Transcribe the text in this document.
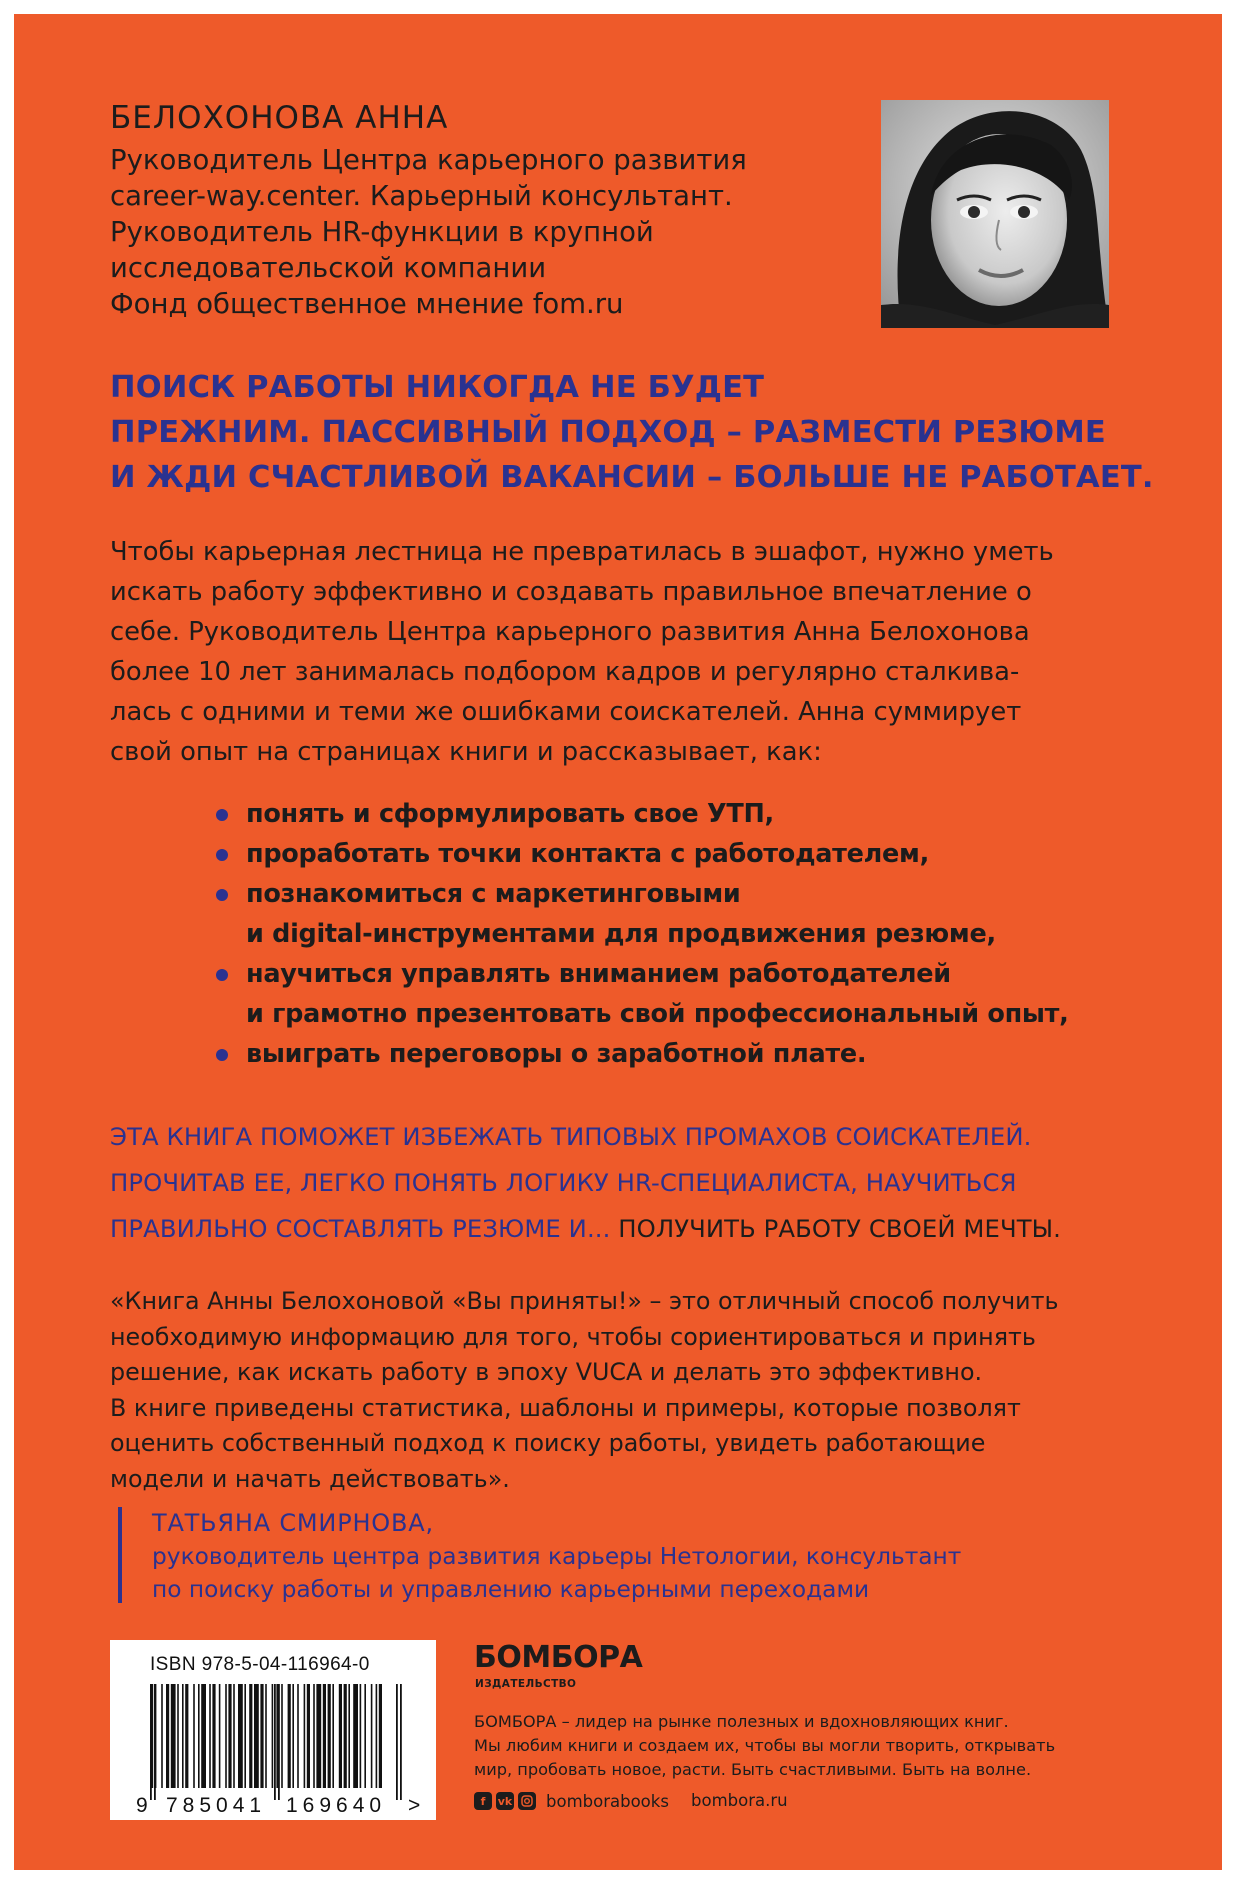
БЕЛОХОНОВА АННА
Руководитель Центра карьерного развития
career-way.center. Карьерный консультант.
Руководитель HR-функции в крупной
исследовательской компании
Фонд общественное мнение fom.ru
ПОИСК РАБОТЫ НИКОГДА НЕ БУДЕТ
ПРЕЖНИМ. ПАССИВНЫЙ ПОДХОД – РАЗМЕСТИ РЕЗЮМЕ
И ЖДИ СЧАСТЛИВОЙ ВАКАНСИИ – БОЛЬШЕ НЕ РАБОТАЕТ.
Чтобы карьерная лестница не превратилась в эшафот, нужно уметь
искать работу эффективно и создавать правильное впечатление о
себе. Руководитель Центра карьерного развития Анна Белохонова
более 10 лет занималась подбором кадров и регулярно сталкива-
лась с одними и теми же ошибками соискателей. Анна суммирует
свой опыт на страницах книги и рассказывает, как:
понять и сформулировать свое УТП,
проработать точки контакта с работодателем,
познакомиться с маркетинговыми
и digital-инструментами для продвижения резюме,
научиться управлять вниманием работодателей
и грамотно презентовать свой профессиональный опыт,
выиграть переговоры о заработной плате.
ЭТА КНИГА ПОМОЖЕТ ИЗБЕЖАТЬ ТИПОВЫХ ПРОМАХОВ СОИСКАТЕЛЕЙ.
ПРОЧИТАВ ЕЕ, ЛЕГКО ПОНЯТЬ ЛОГИКУ HR-СПЕЦИАЛИСТА, НАУЧИТЬСЯ
ПРАВИЛЬНО СОСТАВЛЯТЬ РЕЗЮМЕ И... ПОЛУЧИТЬ РАБОТУ СВОЕЙ МЕЧТЫ.
«Книга Анны Белохоновой «Вы приняты!» – это отличный способ получить
необходимую информацию для того, чтобы сориентироваться и принять
решение, как искать работу в эпоху VUCA и делать это эффективно.
В книге приведены статистика, шаблоны и примеры, которые позволят
оценить собственный подход к поиску работы, увидеть работающие
модели и начать действовать».
ТАТЬЯНА СМИРНОВА,
руководитель центра развития карьеры Нетологии, консультант
по поиску работы и управлению карьерными переходами
9 785041 169640 >
ISBN 978-5-04-116964-0	БОМБОРА
ИЗДАТЕЛЬСТВО
БОМБОРА – лидер на рынке полезных и вдохновляющих книг.
Мы любим книги и создаем их, чтобы вы могли творить, открывать
мир, пробовать новое, расти. Быть счастливыми. Быть на волне.
f	vk bomborabooks bombora.ru
